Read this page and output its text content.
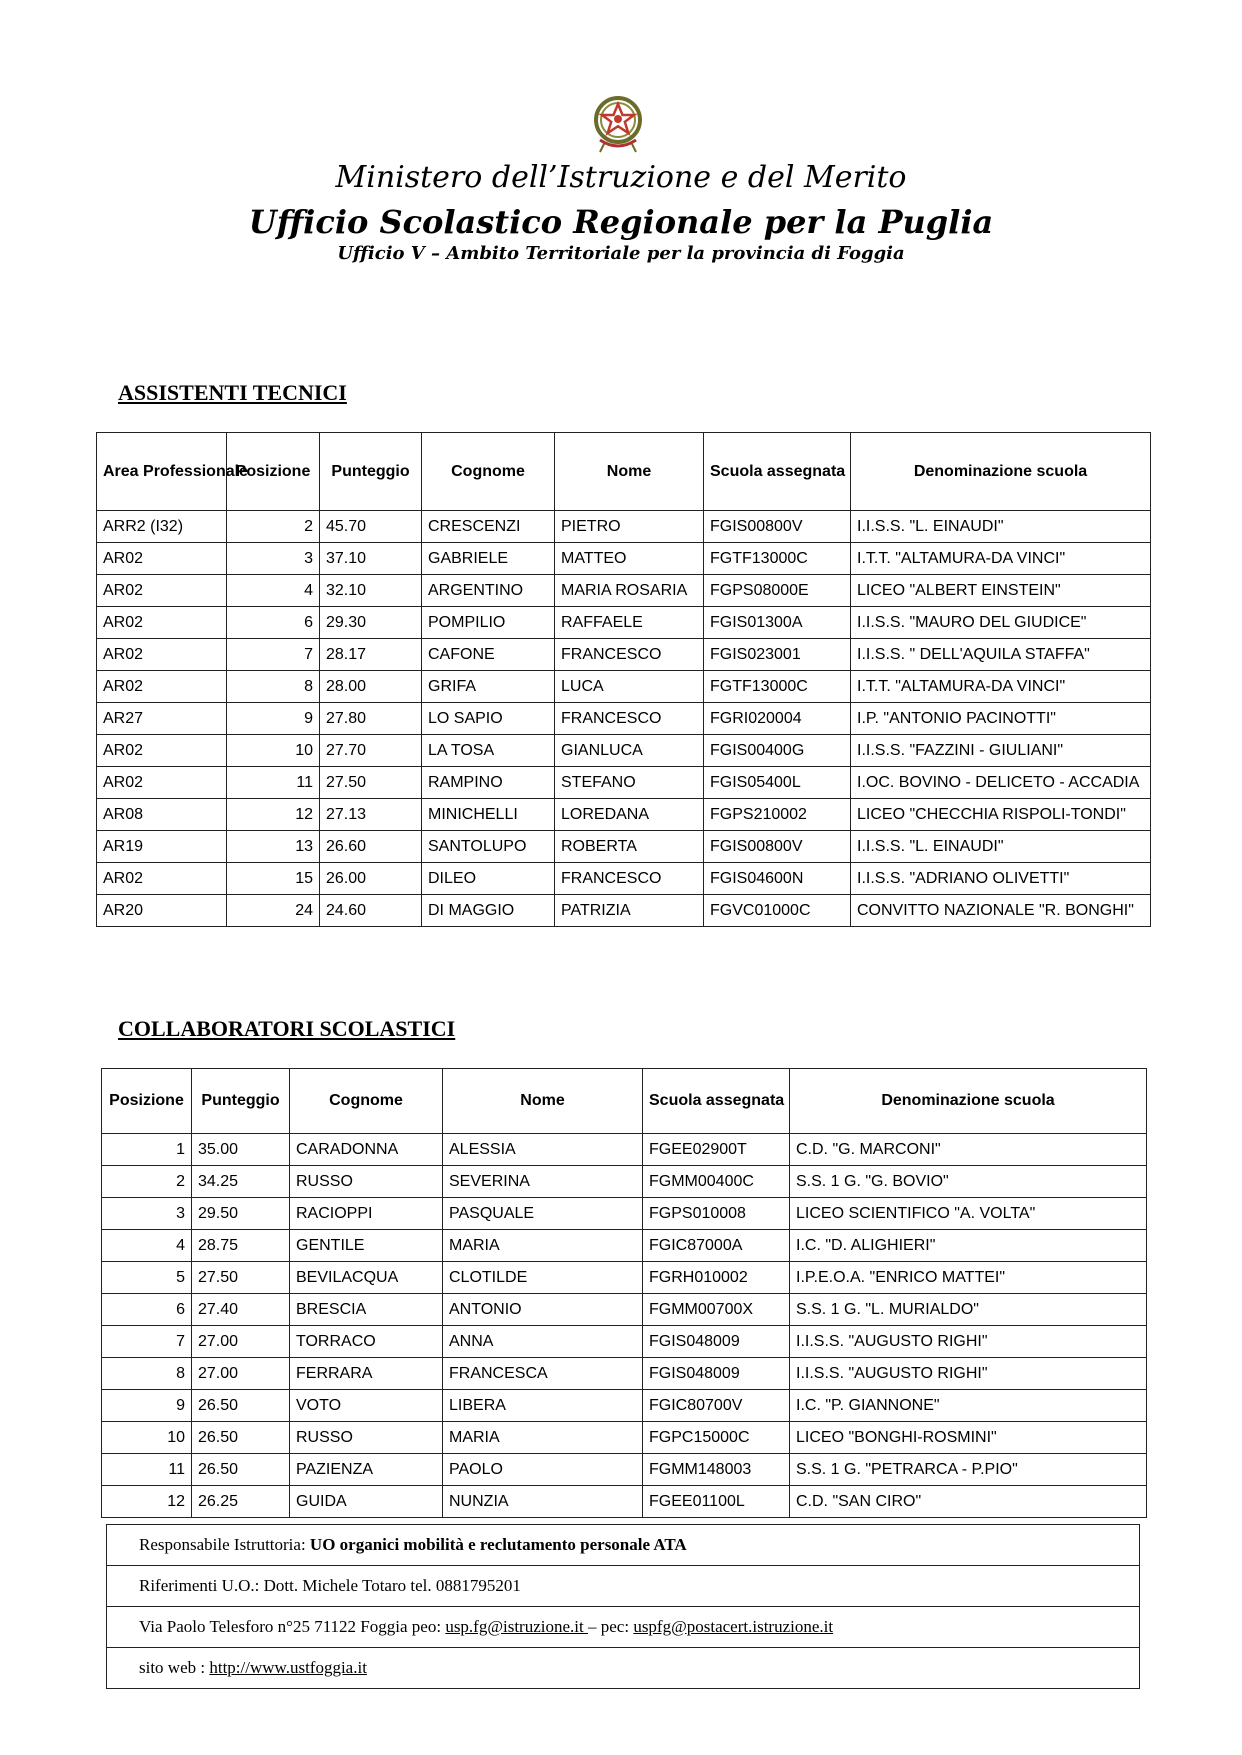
Ministero dell’Istruzione e del Merito
Ufficio Scolastico Regionale per la Puglia
Ufficio V – Ambito Territoriale per la provincia di Foggia
ASSISTENTI TECNICI
Area Professionale	Posizione	Punteggio	Cognome	Nome	Scuola assegnata	Denominazione scuola
ARR2 (I32)	2	45.70	CRESCENZI	PIETRO	FGIS00800V	I.I.S.S. "L. EINAUDI"
AR02	3	37.10	GABRIELE	MATTEO	FGTF13000C	I.T.T. "ALTAMURA-DA VINCI"
AR02	4	32.10	ARGENTINO	MARIA ROSARIA	FGPS08000E	LICEO "ALBERT EINSTEIN"
AR02	6	29.30	POMPILIO	RAFFAELE	FGIS01300A	I.I.S.S. "MAURO DEL GIUDICE"
AR02	7	28.17	CAFONE	FRANCESCO	FGIS023001	I.I.S.S. " DELL'AQUILA STAFFA"
AR02	8	28.00	GRIFA	LUCA	FGTF13000C	I.T.T. "ALTAMURA-DA VINCI"
AR27	9	27.80	LO SAPIO	FRANCESCO	FGRI020004	I.P. "ANTONIO PACINOTTI"
AR02	10	27.70	LA TOSA	GIANLUCA	FGIS00400G	I.I.S.S. "FAZZINI - GIULIANI"
AR02	11	27.50	RAMPINO	STEFANO	FGIS05400L	I.OC. BOVINO - DELICETO - ACCADIA
AR08	12	27.13	MINICHELLI	LOREDANA	FGPS210002	LICEO "CHECCHIA RISPOLI-TONDI"
AR19	13	26.60	SANTOLUPO	ROBERTA	FGIS00800V	I.I.S.S. "L. EINAUDI"
AR02	15	26.00	DILEO	FRANCESCO	FGIS04600N	I.I.S.S. "ADRIANO OLIVETTI"
AR20	24	24.60	DI MAGGIO	PATRIZIA	FGVC01000C	CONVITTO NAZIONALE "R. BONGHI"
COLLABORATORI SCOLASTICI
Posizione	Punteggio	Cognome	Nome	Scuola assegnata	Denominazione scuola
1	35.00	CARADONNA	ALESSIA	FGEE02900T	C.D. "G. MARCONI"
2	34.25	RUSSO	SEVERINA	FGMM00400C	S.S. 1 G. "G. BOVIO"
3	29.50	RACIOPPI	PASQUALE	FGPS010008	LICEO SCIENTIFICO "A. VOLTA"
4	28.75	GENTILE	MARIA	FGIC87000A	I.C. "D. ALIGHIERI"
5	27.50	BEVILACQUA	CLOTILDE	FGRH010002	I.P.E.O.A. "ENRICO MATTEI"
6	27.40	BRESCIA	ANTONIO	FGMM00700X	S.S. 1 G. "L. MURIALDO"
7	27.00	TORRACO	ANNA	FGIS048009	I.I.S.S. "AUGUSTO RIGHI"
8	27.00	FERRARA	FRANCESCA	FGIS048009	I.I.S.S. "AUGUSTO RIGHI"
9	26.50	VOTO	LIBERA	FGIC80700V	I.C. "P. GIANNONE"
10	26.50	RUSSO	MARIA	FGPC15000C	LICEO "BONGHI-ROSMINI"
11	26.50	PAZIENZA	PAOLO	FGMM148003	S.S. 1 G. "PETRARCA - P.PIO"
12	26.25	GUIDA	NUNZIA	FGEE01100L	C.D. "SAN CIRO"
Responsabile Istruttoria: UO organici mobilità e reclutamento personale ATA
Riferimenti U.O.: Dott. Michele Totaro tel. 0881795201
Via Paolo Telesforo n°25 71122 Foggia peo: usp.fg@istruzione.it – pec: uspfg@postacert.istruzione.it
sito web : http://www.ustfoggia.it
